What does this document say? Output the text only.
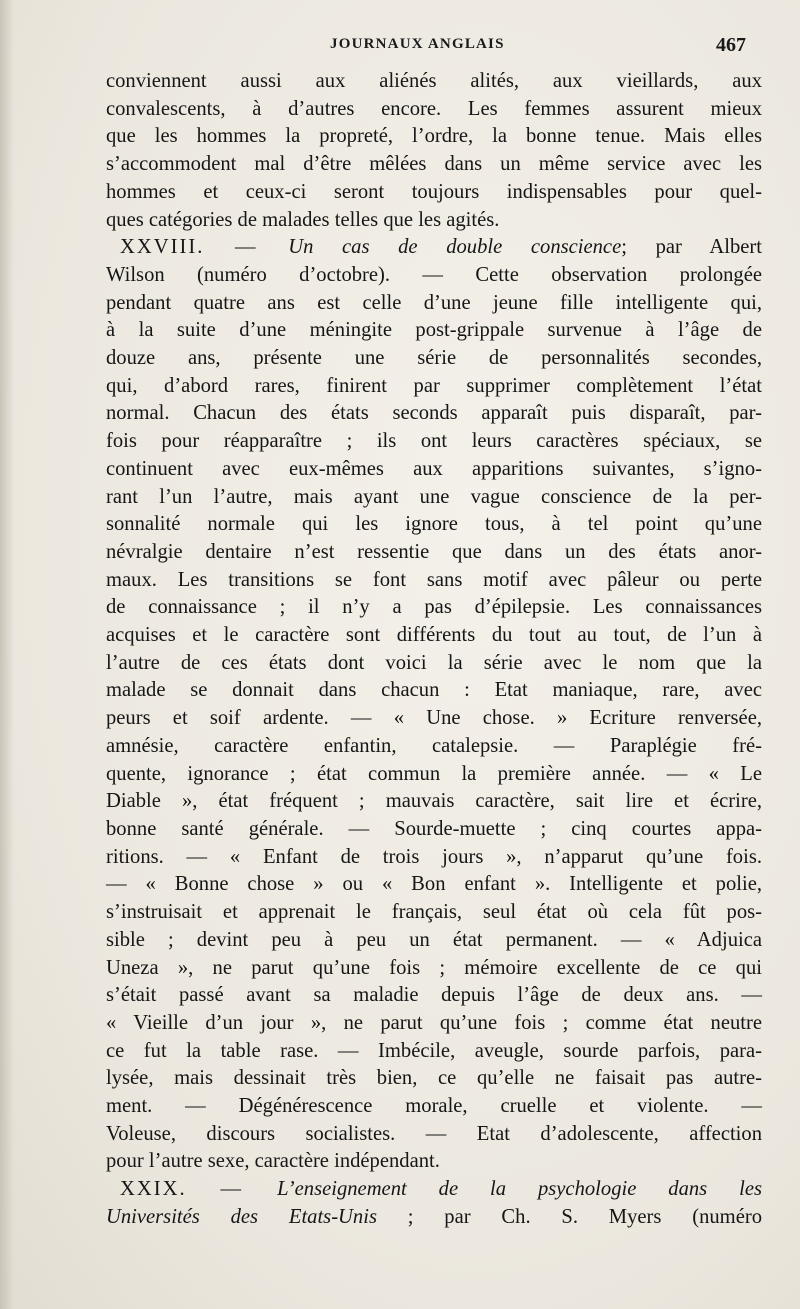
JOURNAUX ANGLAIS	467
conviennent aussi aux aliénés alités, aux vieillards, aux
convalescents, à d’autres encore. Les femmes assurent mieux
que les hommes la propreté, l’ordre, la bonne tenue. Mais elles
s’accommodent mal d’être mêlées dans un même service avec les
hommes et ceux-ci seront toujours indispensables pour quel-
ques catégories de malades telles que les agités.
XXVIII. — Un cas de double conscience; par Albert
Wilson (numéro d’octobre). — Cette observation prolongée
pendant quatre ans est celle d’une jeune fille intelligente qui,
à la suite d’une méningite post-grippale survenue à l’âge de
douze ans, présente une série de personnalités secondes,
qui, d’abord rares, finirent par supprimer complètement l’état
normal. Chacun des états seconds apparaît puis disparaît, par-
fois pour réapparaître ; ils ont leurs caractères spéciaux, se
continuent avec eux-mêmes aux apparitions suivantes, s’igno-
rant l’un l’autre, mais ayant une vague conscience de la per-
sonnalité normale qui les ignore tous, à tel point qu’une
névralgie dentaire n’est ressentie que dans un des états anor-
maux. Les transitions se font sans motif avec pâleur ou perte
de connaissance ; il n’y a pas d’épilepsie. Les connaissances
acquises et le caractère sont différents du tout au tout, de l’un à
l’autre de ces états dont voici la série avec le nom que la
malade se donnait dans chacun : Etat maniaque, rare, avec
peurs et soif ardente. — « Une chose. » Ecriture renversée,
amnésie, caractère enfantin, catalepsie. — Paraplégie fré-
quente, ignorance ; état commun la première année. — « Le
Diable », état fréquent ; mauvais caractère, sait lire et écrire,
bonne santé générale. — Sourde-muette ; cinq courtes appa-
ritions. — « Enfant de trois jours », n’apparut qu’une fois.
— « Bonne chose » ou « Bon enfant ». Intelligente et polie,
s’instruisait et apprenait le français, seul état où cela fût pos-
sible ; devint peu à peu un état permanent. — « Adjuica
Uneza », ne parut qu’une fois ; mémoire excellente de ce qui
s’était passé avant sa maladie depuis l’âge de deux ans. —
« Vieille d’un jour », ne parut qu’une fois ; comme état neutre
ce fut la table rase. — Imbécile, aveugle, sourde parfois, para-
lysée, mais dessinait très bien, ce qu’elle ne faisait pas autre-
ment. — Dégénérescence morale, cruelle et violente. —
Voleuse, discours socialistes. — Etat d’adolescente, affection
pour l’autre sexe, caractère indépendant.
XXIX. — L’enseignement de la psychologie dans les
Universités des Etats-Unis ; par Ch. S. Myers (numéro
